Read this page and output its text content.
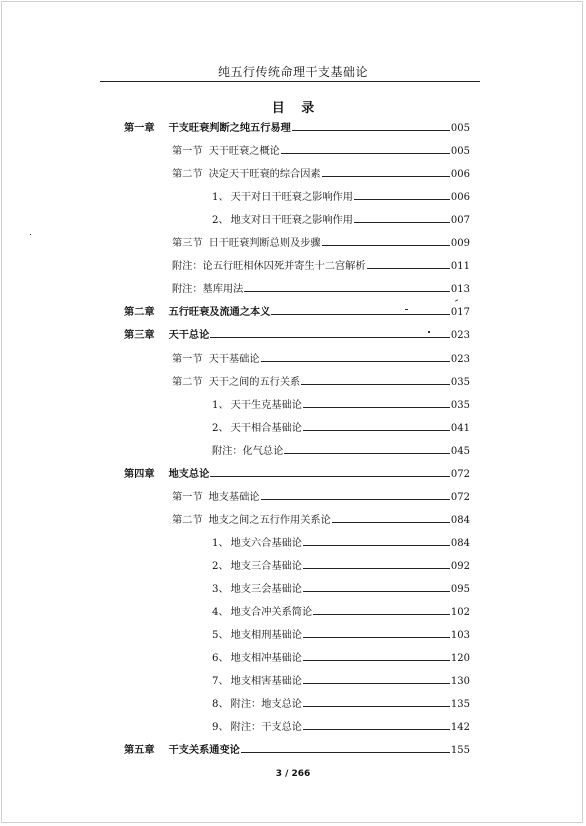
纯五行传统命理干支基础论
目 录
第一章 干支旺衰判断之纯五行易理	005
第一节 天干旺衰之概论	005
第二节 决定天干旺衰的综合因素	006
1、 天干对日干旺衰之影响作用	006
2、 地支对日干旺衰之影响作用	007
第三节 日干旺衰判断总则及步骤	009
附注：论五行旺相休囚死并寄生十二宫解析	011
附注：墓库用法	013
第二章 五行旺衰及流通之本义	017
第三章 天干总论	023
第一节 天干基础论	023
第二节 天干之间的五行关系	035
1、 天干生克基础论	035
2、 天干相合基础论	041
附注：化气总论	045
第四章 地支总论	072
第一节 地支基础论	072
第二节 地支之间之五行作用关系论	084
1、 地支六合基础论	084
2、 地支三合基础论	092
3、 地支三会基础论	095
4、 地支合冲关系简论	102
5、 地支相刑基础论	103
6、 地支相冲基础论	120
7、 地支相害基础论	130
8、 附注：地支总论	135
9、 附注：干支总论	142
第五章 干支关系通变论	155
3 / 266
